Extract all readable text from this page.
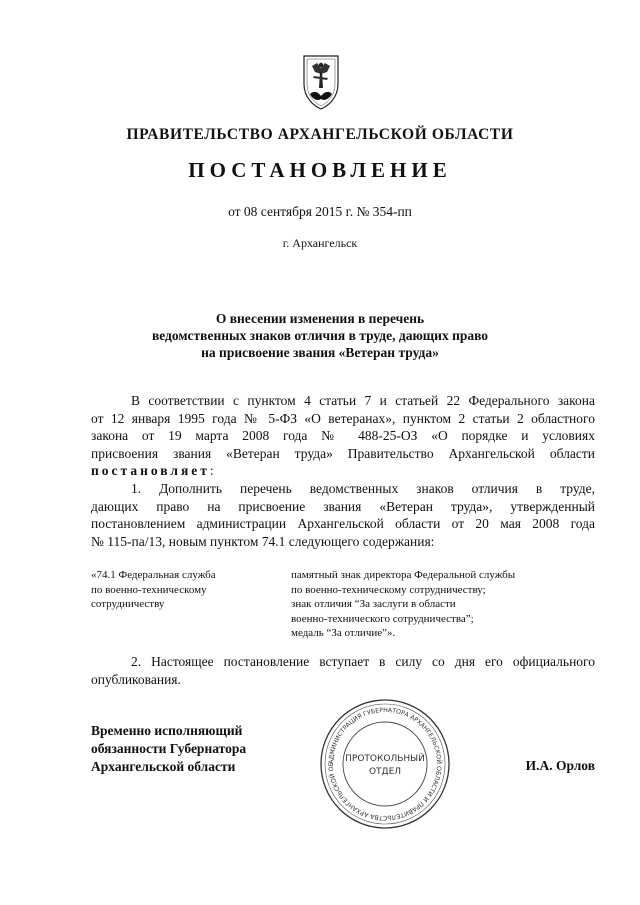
ПРАВИТЕЛЬСТВО АРХАНГЕЛЬСКОЙ ОБЛАСТИ
ПОСТАНОВЛЕНИЕ
от 08 сентября 2015 г. № 354-пп
г. Архангельск
О внесении изменения в перечень
ведомственных знаков отличия в труде, дающих право
на присвоение звания «Ветеран труда»
В соответствии с пунктом 4 статьи 7 и статьей 22 Федерального закона
от 12 января 1995 года № 5-ФЗ «О ветеранах», пунктом 2 статьи 2 областного
закона от 19 марта 2008 года № 488-25-ОЗ «О порядке и условиях
присвоения звания «Ветеран труда» Правительство Архангельской области
постановляет:
1. Дополнить перечень ведомственных знаков отличия в труде,
дающих право на присвоение звания «Ветеран труда», утвержденный
постановлением администрации Архангельской области от 20 мая 2008 года
№ 115-па/13, новым пунктом 74.1 следующего содержания:
«74.1 Федеральная служба
по военно-техническому
сотрудничеству
памятный знак директора Федеральной службы
по военно-техническому сотрудничеству;
знак отличия “За заслуги в области
военно-технического сотрудничества”;
медаль “За отличие”».
2. Настоящее постановление вступает в силу со дня его официального
опубликования.
Временно исполняющий
обязанности Губернатора
Архангельской области	И.А. Орлов
АДМИНИСТРАЦИЯ ГУБЕРНАТОРА АРХАНГЕЛЬСКОЙ ОБЛАСТИ И ПРАВИТЕЛЬСТВА АРХАНГЕЛЬСКОЙ ОБ
ПРОТОКОЛЬНЫЙ
ОТДЕЛ
